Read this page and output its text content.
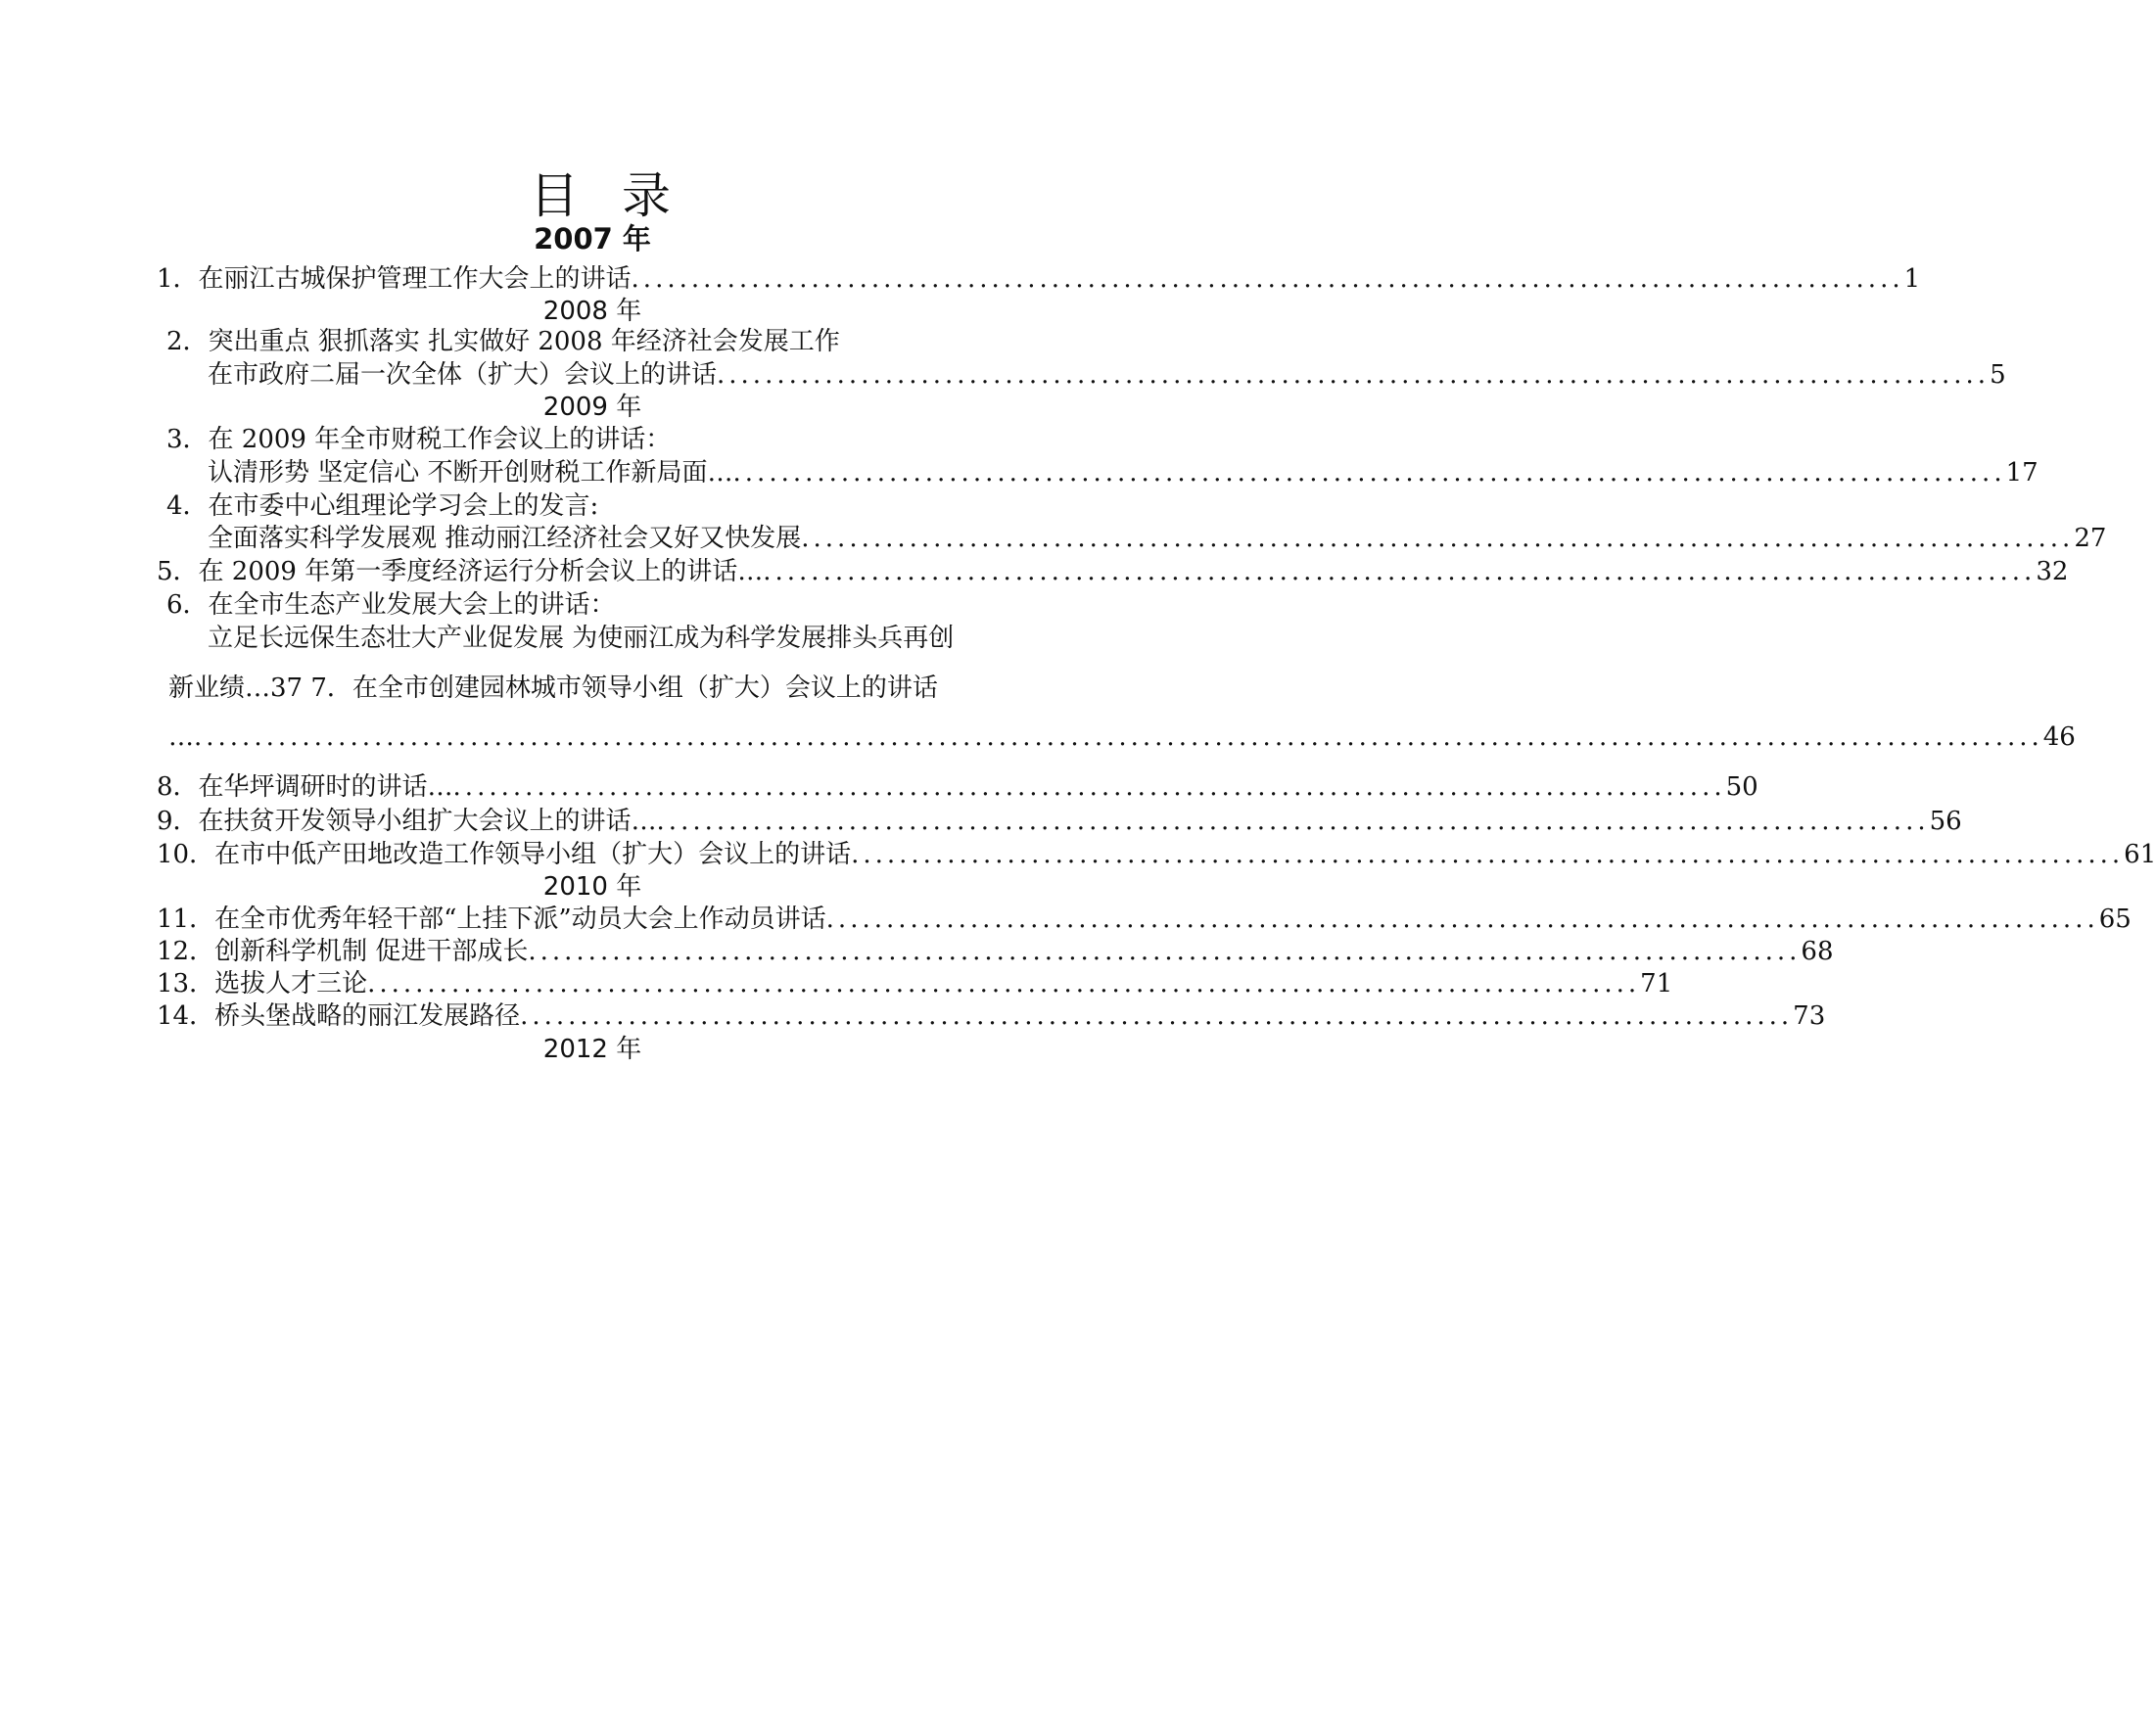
目 录
2007 年
1．在丽江古城保护管理工作大会上的讲话 .......................................................................................................... 1
2008 年
2．突出重点 狠抓落实 扎实做好 2008 年经济社会发展工作
在市政府二届一次全体（扩大）会议上的讲话 .......................................................................................................... 5
2009 年
3．在 2009 年全市财税工作会议上的讲话：
认清形势 坚定信心 不断开创财税工作新局面… .......................................................................................................... 17
4．在市委中心组理论学习会上的发言:
全面落实科学发展观 推动丽江经济社会又好又快发展 .......................................................................................................... 27
5．在 2009 年第一季度经济运行分析会议上的讲话… .......................................................................................................... 32
6．在全市生态产业发展大会上的讲话：
立足长远保生态壮大产业促发展 为使丽江成为科学发展排头兵再创
新业绩…37 7．在全市创建园林城市领导小组（扩大）会议上的讲话
… .......................................................................................................................................................... 46
8．在华坪调研时的讲话… .......................................................................................................... 50
9．在扶贫开发领导小组扩大会议上的讲话… .......................................................................................................... 56
10．在市中低产田地改造工作领导小组（扩大）会议上的讲话 .......................................................................................................... 61
2010 年
11．在全市优秀年轻干部“上挂下派”动员大会上作动员讲话 .......................................................................................................... 65
12．创新科学机制 促进干部成长 .......................................................................................................... 68
13．选拔人才三论 .......................................................................................................... 71
14．桥头堡战略的丽江发展路径 .......................................................................................................... 73
2012 年
